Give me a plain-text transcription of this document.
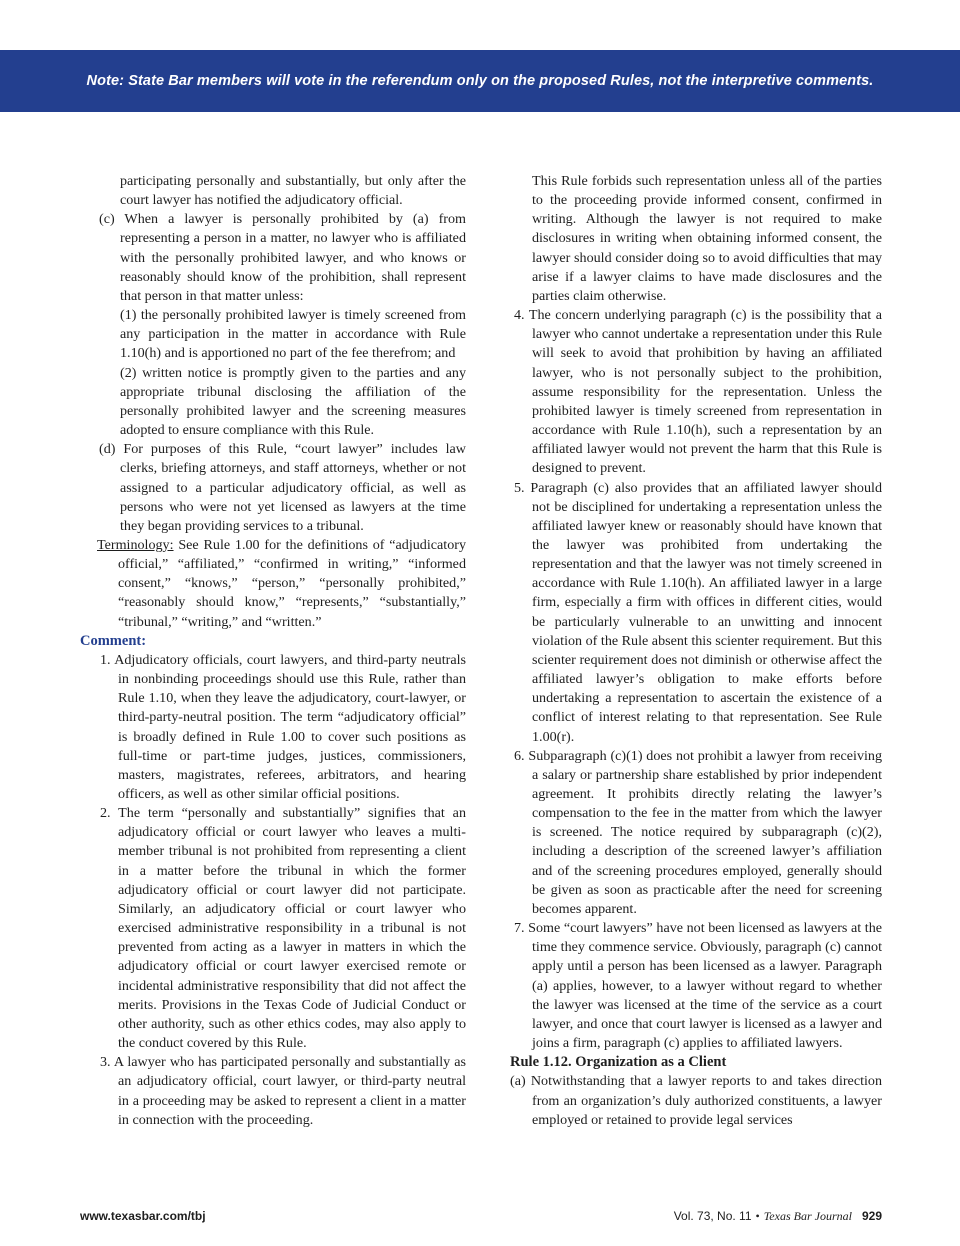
Note: State Bar members will vote in the referendum only on the proposed Rules, not the interpretive comments.

participating personally and substantially, but only after the court lawyer has notified the adjudicatory official.

(c) When a lawyer is personally prohibited by (a) from representing a person in a matter, no lawyer who is affiliated with the personally prohibited lawyer, and who knows or reasonably should know of the prohibition, shall represent that person in that matter unless:

(1) the personally prohibited lawyer is timely screened from any participation in the matter in accordance with Rule 1.10(h) and is apportioned no part of the fee therefrom; and

(2) written notice is promptly given to the parties and any appropriate tribunal disclosing the affiliation of the personally prohibited lawyer and the screening measures adopted to ensure compliance with this Rule.

(d) For purposes of this Rule, “court lawyer” includes law clerks, briefing attorneys, and staff attorneys, whether or not assigned to a particular adjudicatory official, as well as persons who were not yet licensed as lawyers at the time they began providing services to a tribunal.

Terminology: See Rule 1.00 for the definitions of “adjudicatory official,” “affiliated,” “confirmed in writing,” “informed consent,” “knows,” “person,” “personally prohibited,” “reasonably should know,” “represents,” “substantially,” “tribunal,” “writing,” and “written.”

Comment:

1. Adjudicatory officials, court lawyers, and third-party neutrals in nonbinding proceedings should use this Rule, rather than Rule 1.10, when they leave the adjudicatory, court-lawyer, or third-party-neutral position. The term “adjudicatory official” is broadly defined in Rule 1.00 to cover such positions as full-time or part-time judges, justices, commissioners, masters, magistrates, referees, arbitrators, and hearing officers, as well as other similar official positions.
2. The term “personally and substantially” signifies that an adjudicatory official or court lawyer who leaves a multi-member tribunal is not prohibited from representing a client in a matter before the tribunal in which the former adjudicatory official or court lawyer did not participate. Similarly, an adjudicatory official or court lawyer who exercised administrative responsibility in a tribunal is not prevented from acting as a lawyer in matters in which the adjudicatory official or court lawyer exercised remote or incidental administrative responsibility that did not affect the merits. Provisions in the Texas Code of Judicial Conduct or other authority, such as other ethics codes, may also apply to the conduct covered by this Rule.
3. A lawyer who has participated personally and substantially as an adjudicatory official, court lawyer, or third-party neutral in a proceeding may be asked to represent a client in a matter in connection with the proceeding.

This Rule forbids such representation unless all of the parties to the proceeding provide informed consent, confirmed in writing. Although the lawyer is not required to make disclosures in writing when obtaining informed consent, the lawyer should consider doing so to avoid difficulties that may arise if a lawyer claims to have made disclosures and the parties claim otherwise.

4. The concern underlying paragraph (c) is the possibility that a lawyer who cannot undertake a representation under this Rule will seek to avoid that prohibition by having an affiliated lawyer, who is not personally subject to the prohibition, assume responsibility for the representation. Unless the prohibited lawyer is timely screened from representation in accordance with Rule 1.10(h), such a representation by an affiliated lawyer would not prevent the harm that this Rule is designed to prevent.
5. Paragraph (c) also provides that an affiliated lawyer should not be disciplined for undertaking a representation unless the affiliated lawyer knew or reasonably should have known that the lawyer was prohibited from undertaking the representation and that the lawyer was not timely screened in accordance with Rule 1.10(h). An affiliated lawyer in a large firm, especially a firm with offices in different cities, would be particularly vulnerable to an unwitting and innocent violation of the Rule absent this scienter requirement. But this scienter requirement does not diminish or otherwise affect the affiliated lawyer’s obligation to make efforts before undertaking a representation to ascertain the existence of a conflict of interest relating to that representation. See Rule 1.00(r).
6. Subparagraph (c)(1) does not prohibit a lawyer from receiving a salary or partnership share established by prior independent agreement. It prohibits directly relating the lawyer’s compensation to the fee in the matter from which the lawyer is screened. The notice required by subparagraph (c)(2), including a description of the screened lawyer’s affiliation and of the screening procedures employed, generally should be given as soon as practicable after the need for screening becomes apparent.
7. Some “court lawyers” have not been licensed as lawyers at the time they commence service. Obviously, paragraph (c) cannot apply until a person has been licensed as a lawyer. Paragraph (a) applies, however, to a lawyer without regard to whether the lawyer was licensed at the time of the service as a court lawyer, and once that court lawyer is licensed as a lawyer and joins a firm, paragraph (c) applies to affiliated lawyers.

Rule 1.12. Organization as a Client

(a) Notwithstanding that a lawyer reports to and takes direction from an organization’s duly authorized constituents, a lawyer employed or retained to provide legal services

www.texasbar.com/tbj	Vol. 73, No. 11 • Texas Bar Journal 929
